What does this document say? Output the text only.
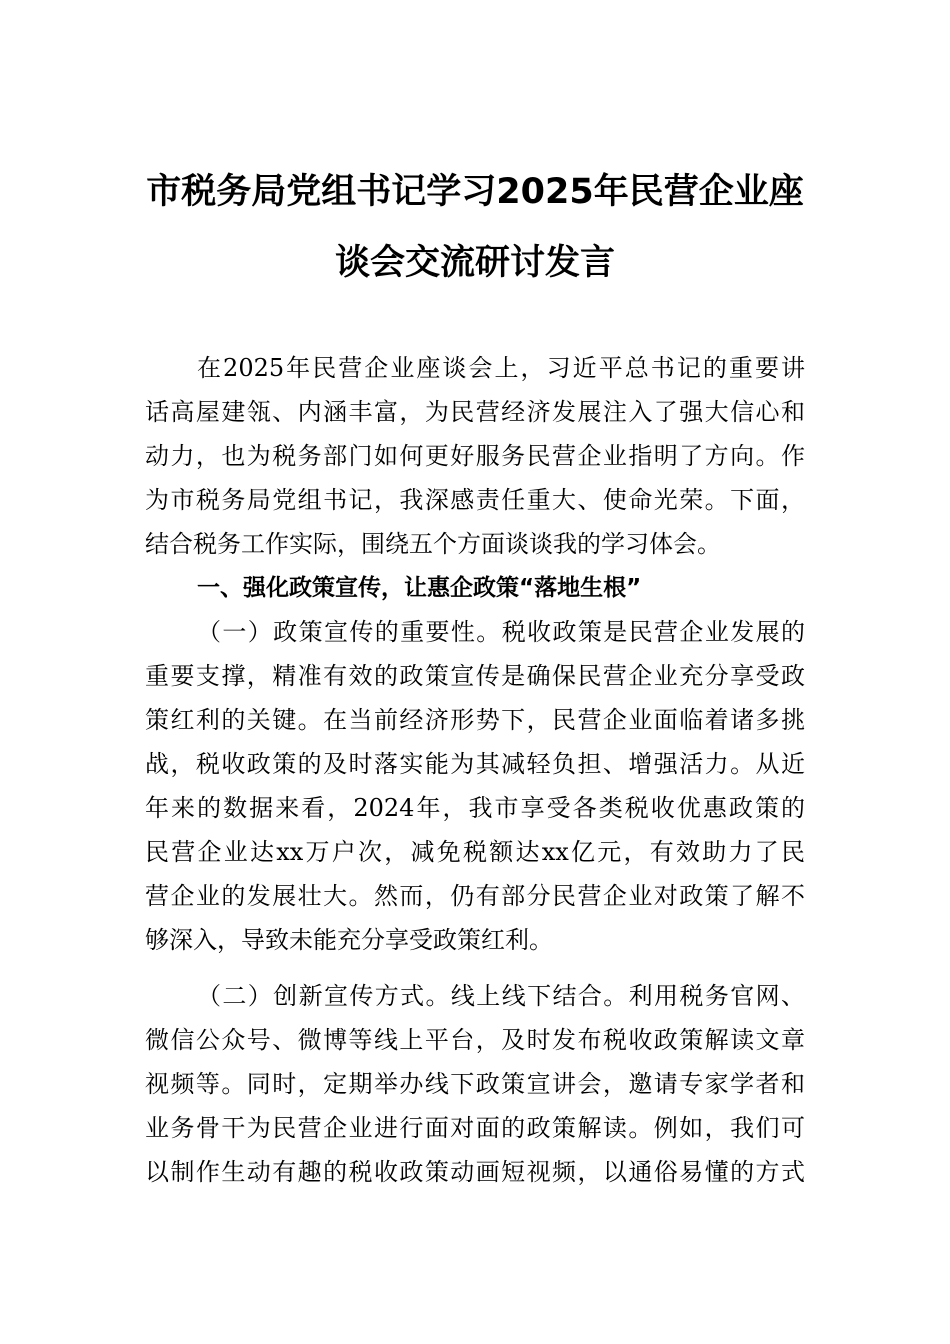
市税务局党组书记学习2025年民营企业座
谈会交流研讨发言
在2025年民营企业座谈会上，习近平总书记的重要讲
话高屋建瓴、内涵丰富，为民营经济发展注入了强大信心和
动力，也为税务部门如何更好服务民营企业指明了方向。作
为市税务局党组书记，我深感责任重大、使命光荣。下面，
结合税务工作实际，围绕五个方面谈谈我的学习体会。
一、强化政策宣传，让惠企政策“落地生根”
（一）政策宣传的重要性。税收政策是民营企业发展的
重要支撑，精准有效的政策宣传是确保民营企业充分享受政
策红利的关键。在当前经济形势下，民营企业面临着诸多挑
战，税收政策的及时落实能为其减轻负担、增强活力。从近
年来的数据来看，2024年，我市享受各类税收优惠政策的
民营企业达xx万户次，减免税额达xx亿元，有效助力了民
营企业的发展壮大。然而，仍有部分民营企业对政策了解不
够深入，导致未能充分享受政策红利。
（二）创新宣传方式。线上线下结合。利用税务官网、
微信公众号、微博等线上平台，及时发布税收政策解读文章
视频等。同时，定期举办线下政策宣讲会，邀请专家学者和
业务骨干为民营企业进行面对面的政策解读。例如，我们可
以制作生动有趣的税收政策动画短视频，以通俗易懂的方式
